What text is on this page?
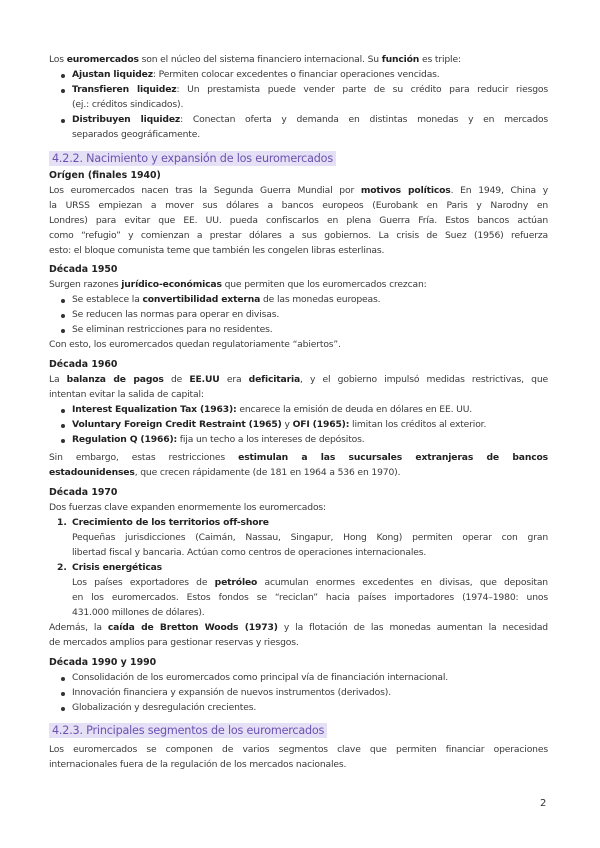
Los euromercados son el núcleo del sistema financiero internacional. Su función es triple:
Ajustan liquidez: Permiten colocar excedentes o financiar operaciones vencidas.
Transfieren liquidez: Un prestamista puede vender parte de su crédito para reducir riesgos
(ej.: créditos sindicados).
Distribuyen liquidez: Conectan oferta y demanda en distintas monedas y en mercados
separados geográficamente.
4.2.2. Nacimiento y expansión de los euromercados
Orígen (finales 1940)
Los euromercados nacen tras la Segunda Guerra Mundial por motivos políticos. En 1949, China y
la URSS empiezan a mover sus dólares a bancos europeos (Eurobank en Paris y Narodny en
Londres) para evitar que EE. UU. pueda confiscarlos en plena Guerra Fría. Estos bancos actúan
como “refugio” y comienzan a prestar dólares a sus gobiernos. La crisis de Suez (1956) refuerza
esto: el bloque comunista teme que también les congelen libras esterlinas.
Década 1950
Surgen razones jurídico-económicas que permiten que los euromercados crezcan:
Se establece la convertibilidad externa de las monedas europeas.
Se reducen las normas para operar en divisas.
Se eliminan restricciones para no residentes.
Con esto, los euromercados quedan regulatoriamente “abiertos”.
Década 1960
La balanza de pagos de EE.UU era deficitaria, y el gobierno impulsó medidas restrictivas, que
intentan evitar la salida de capital:
Interest Equalization Tax (1963): encarece la emisión de deuda en dólares en EE. UU.
Voluntary Foreign Credit Restraint (1965) y OFI (1965): limitan los créditos al exterior.
Regulation Q (1966): fija un techo a los intereses de depósitos.
Sin embargo, estas restricciones estimulan a las sucursales extranjeras de bancos
estadounidenses, que crecen rápidamente (de 181 en 1964 a 536 en 1970).
Década 1970
Dos fuerzas clave expanden enormemente los euromercados:
1. Crecimiento de los territorios off-shore
Pequeñas jurisdicciones (Caimán, Nassau, Singapur, Hong Kong) permiten operar con gran
libertad fiscal y bancaria. Actúan como centros de operaciones internacionales.
2. Crisis energéticas
Los países exportadores de petróleo acumulan enormes excedentes en divisas, que depositan
en los euromercados. Estos fondos se “reciclan” hacia países importadores (1974–1980: unos
431.000 millones de dólares).
Además, la caída de Bretton Woods (1973) y la flotación de las monedas aumentan la necesidad
de mercados amplios para gestionar reservas y riesgos.
Década 1990 y 1990
Consolidación de los euromercados como principal vía de financiación internacional.
Innovación financiera y expansión de nuevos instrumentos (derivados).
Globalización y desregulación crecientes.
4.2.3. Principales segmentos de los euromercados
Los euromercados se componen de varios segmentos clave que permiten financiar operaciones
internacionales fuera de la regulación de los mercados nacionales.
2
